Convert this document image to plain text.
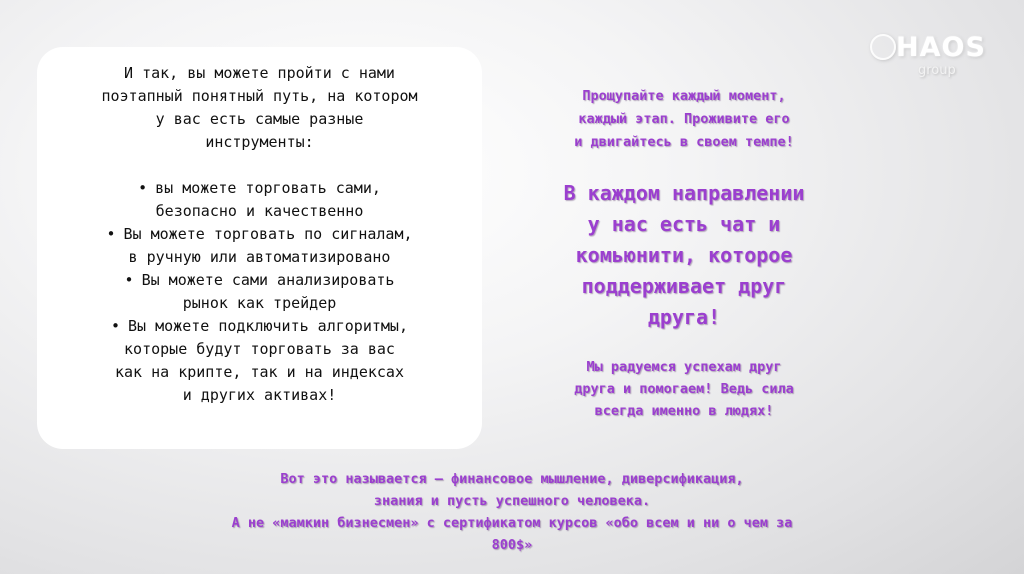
HAOS
group

И так, вы можете пройти с нами
поэтапный понятный путь, на котором
у вас есть самые разные
инструменты:

• вы можете торговать сами,
безопасно и качественно
• Вы можете торговать по сигналам,
в ручную или автоматизировано
• Вы можете сами анализировать
рынок как трейдер
• Вы можете подключить алгоритмы,
которые будут торговать за вас
как на крипте, так и на индексах
и других активах!
Прощупайте каждый момент,
каждый этап. Проживите его
и двигайтесь в своем темпе!
В каждом направлении
у нас есть чат и
комьюнити, которое
поддерживает друг
друга!
Мы радуемся успехам друг
друга и помогаем! Ведь сила
всегда именно в людях!
Вот это называется – финансовое мышление, диверсификация,
знания и пусть успешного человека.
А не «мамкин бизнесмен» с сертификатом курсов «обо всем и ни о чем за
800$»
